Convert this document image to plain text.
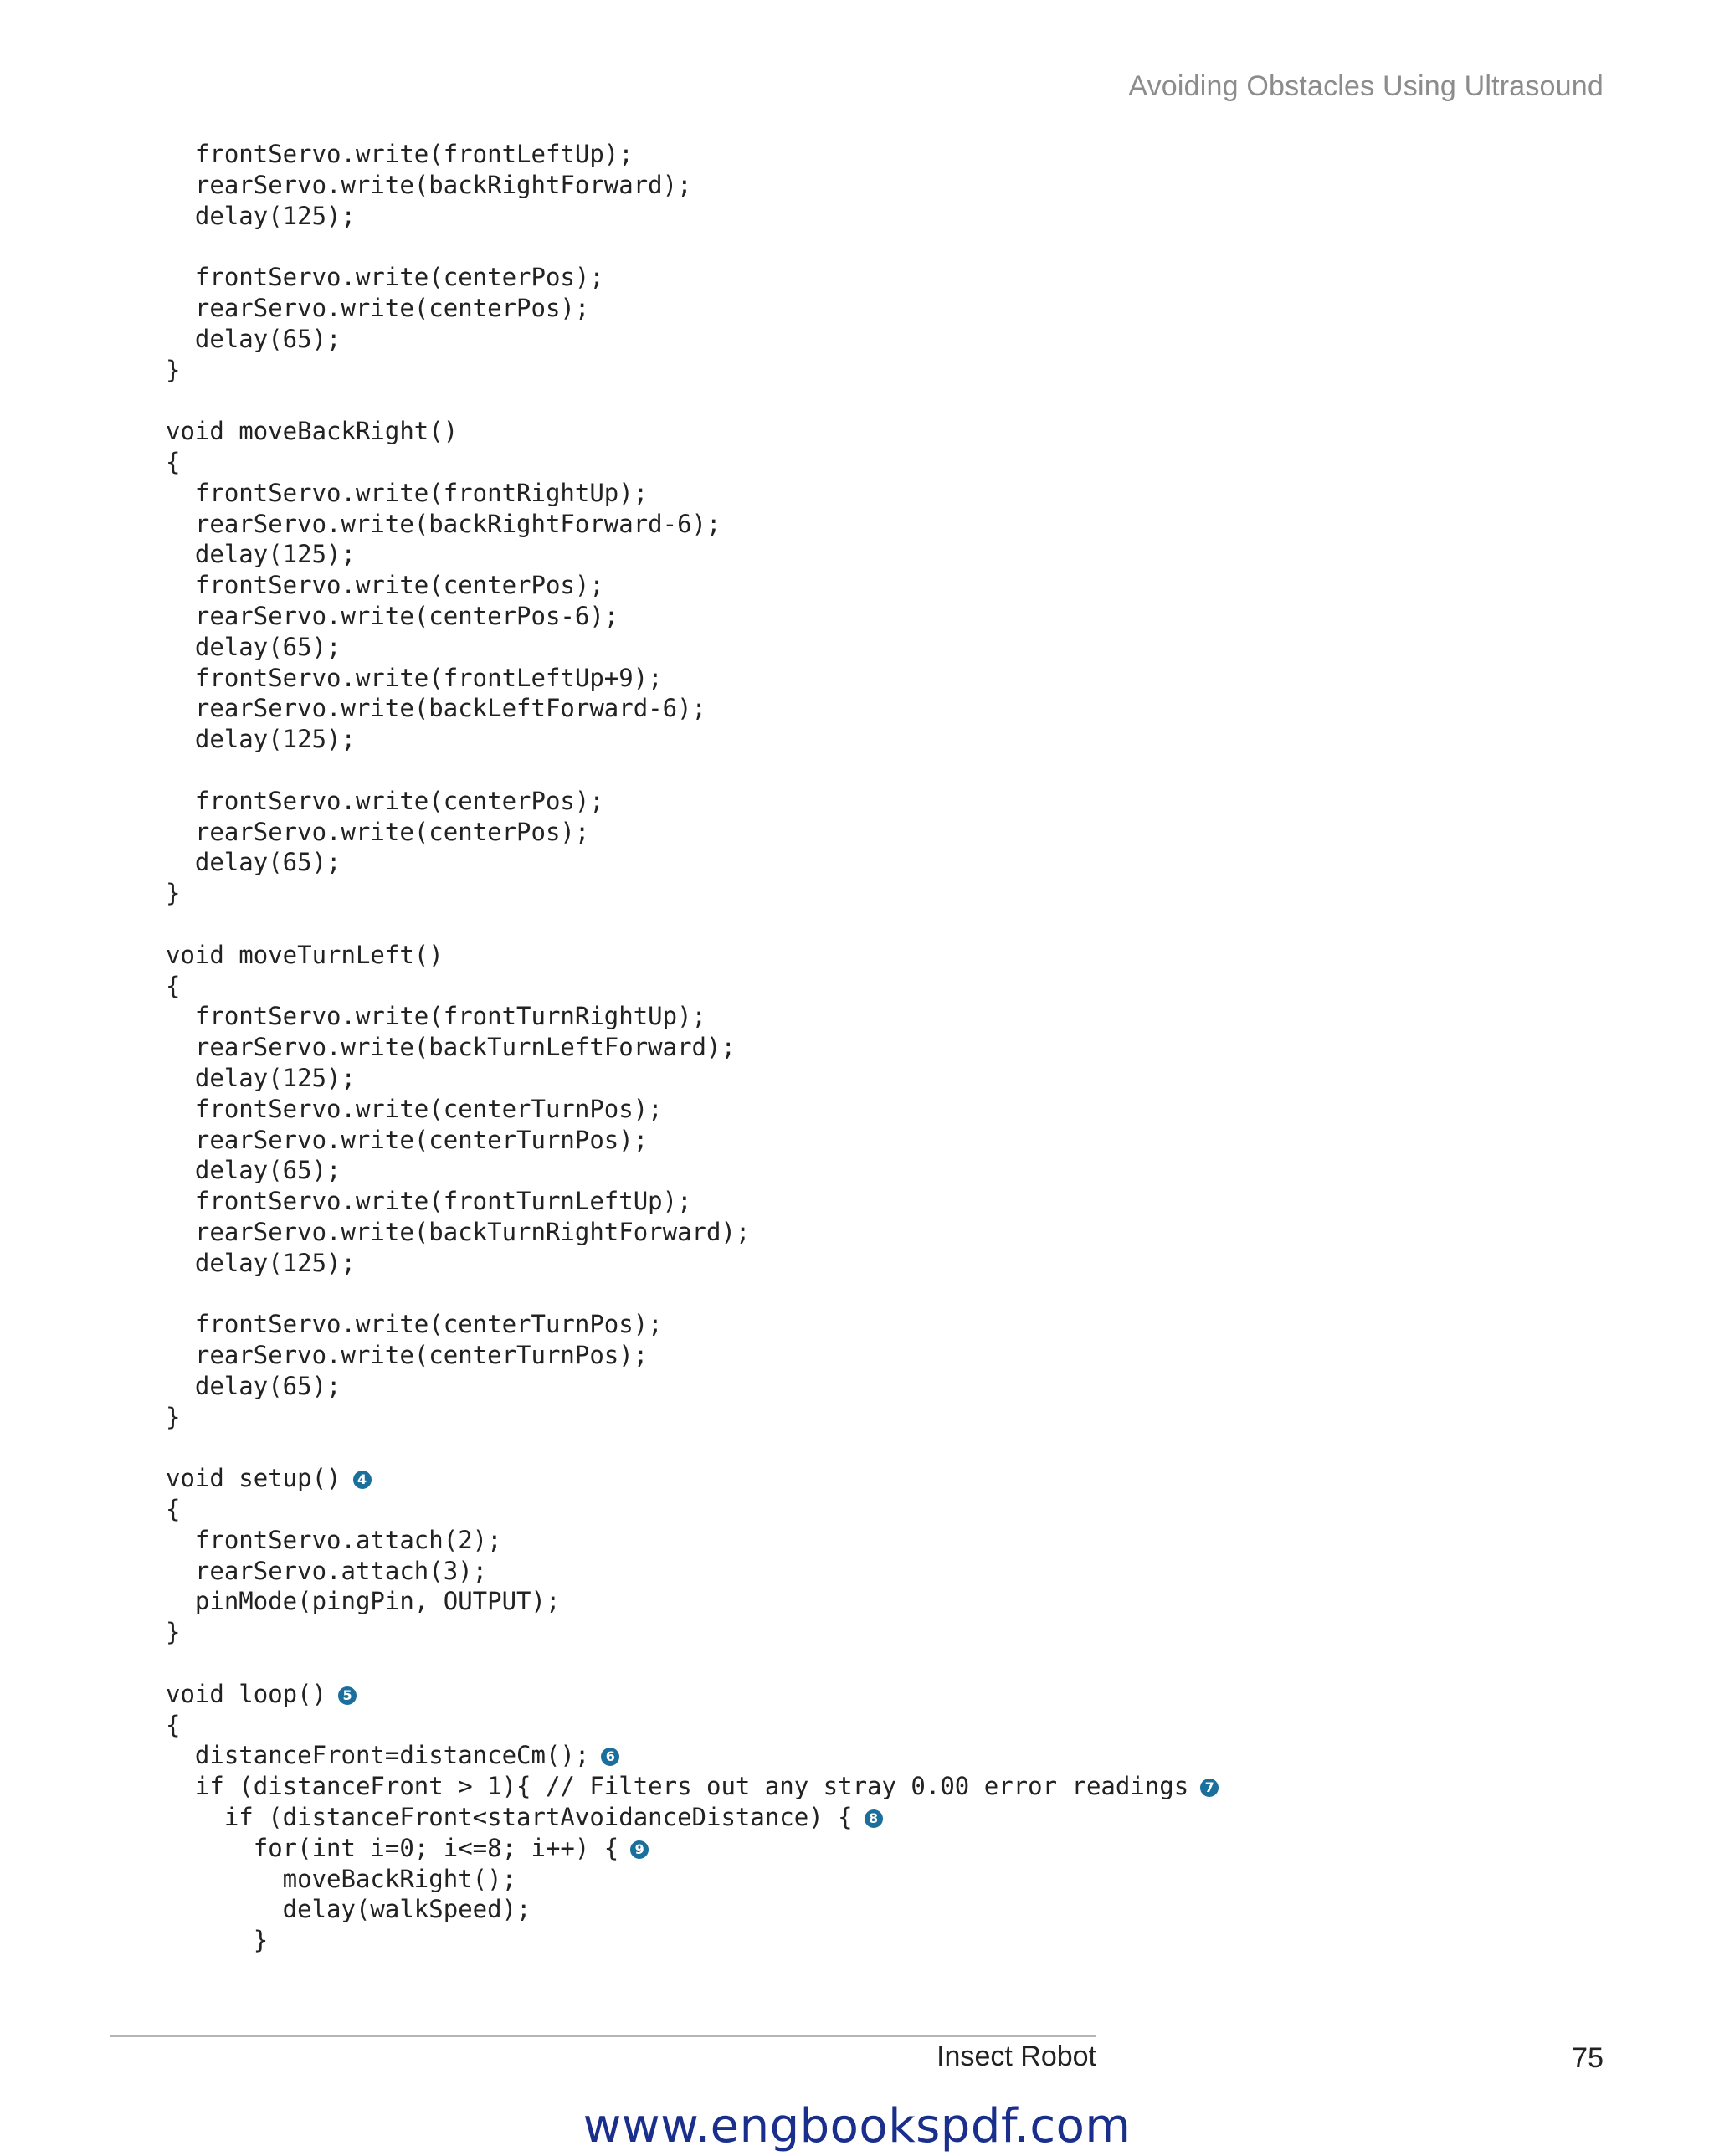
Avoiding Obstacles Using Ultrasound
frontServo.write(frontLeftUp);
rearServo.write(backRightForward);
delay(125);
frontServo.write(centerPos);
rearServo.write(centerPos);
delay(65);
}
void moveBackRight()
{
frontServo.write(frontRightUp);
rearServo.write(backRightForward-6);
delay(125);
frontServo.write(centerPos);
rearServo.write(centerPos-6);
delay(65);
frontServo.write(frontLeftUp+9);
rearServo.write(backLeftForward-6);
delay(125);
frontServo.write(centerPos);
rearServo.write(centerPos);
delay(65);
}
void moveTurnLeft()
{
frontServo.write(frontTurnRightUp);
rearServo.write(backTurnLeftForward);
delay(125);
frontServo.write(centerTurnPos);
rearServo.write(centerTurnPos);
delay(65);
frontServo.write(frontTurnLeftUp);
rearServo.write(backTurnRightForward);
delay(125);
frontServo.write(centerTurnPos);
rearServo.write(centerTurnPos);
delay(65);
}
void setup() 4
{
frontServo.attach(2);
rearServo.attach(3);
pinMode(pingPin, OUTPUT);
}
void loop() 5
{
distanceFront=distanceCm(); 6
if (distanceFront > 1){ // Filters out any stray 0.00 error readings 7
if (distanceFront<startAvoidanceDistance) { 8
for(int i=0; i<=8; i++) { 9
moveBackRight();
delay(walkSpeed);
}
Insect Robot	75
www.engbookspdf.com
